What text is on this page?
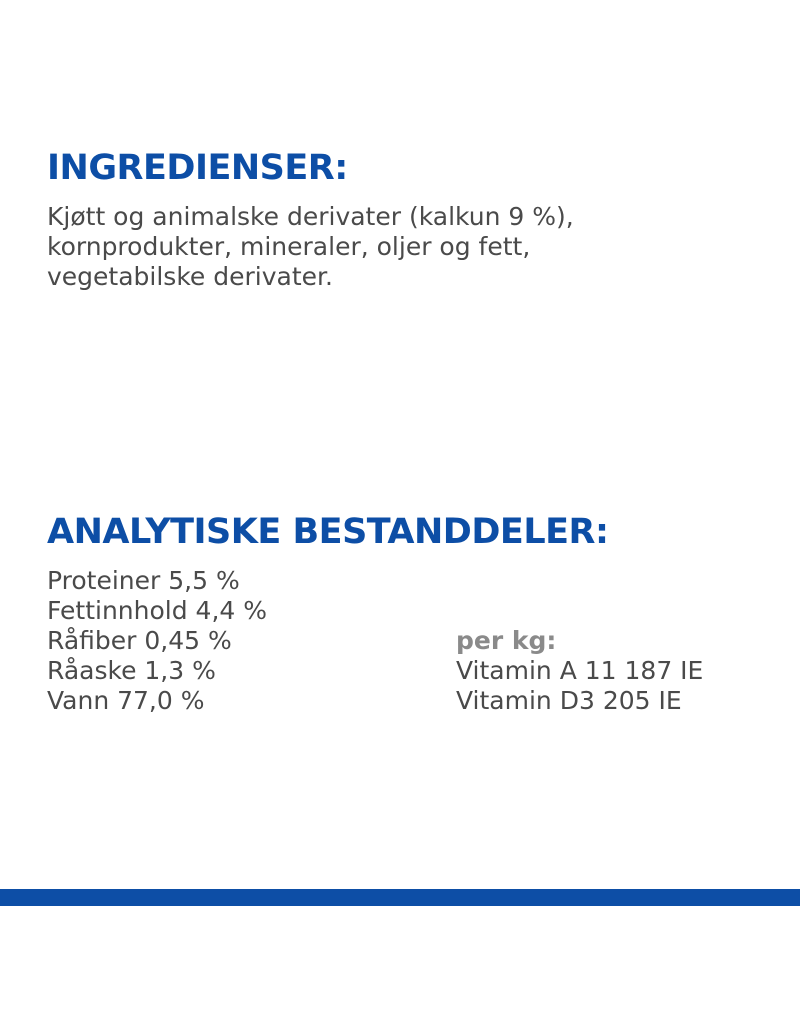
INGREDIENSER:

Kjøtt og animalske derivater (kalkun 9 %),
kornprodukter, mineraler, oljer og fett,
vegetabilske derivater.

ANALYTISKE BESTANDDELER:
Proteiner 5,5 %
Fettinnhold 4,4 %
Råfiber 0,45 %
Råaske 1,3 %
Vann 77,0 %
per kg:
Vitamin A 11 187 IE
Vitamin D3 205 IE
